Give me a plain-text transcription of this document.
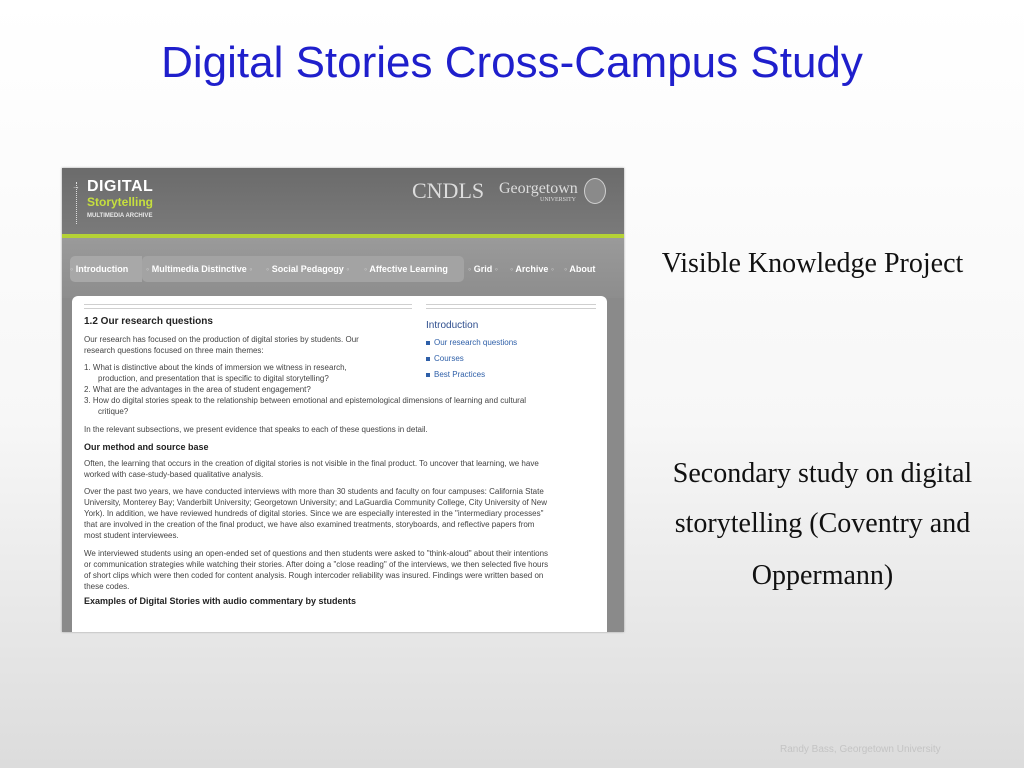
Digital Stories Cross-Campus Study
→ DIGITAL
Storytelling
MULTIMEDIA ARCHIVE
CNDLS Georgetown
UNIVERSITY
◦ Introduction ◦ Multimedia Distinctive ◦ ◦ Social Pedagogy ◦ ◦ Affective Learning ◦ Grid ◦ ◦ Archive ◦ ◦ About
1.2 Our research questions
Our research has focused on the production of digital stories by students. Our
research questions focused on three main themes:
1. What is distinctive about the kinds of immersion we witness in research,
production, and presentation that is specific to digital storytelling?
2. What are the advantages in the area of student engagement?
3. How do digital stories speak to the relationship between emotional and epistemological dimensions of learning and cultural
critique?
In the relevant subsections, we present evidence that speaks to each of these questions in detail.
Our method and source base
Often, the learning that occurs in the creation of digital stories is not visible in the final product. To uncover that learning, we have
worked with case-study-based qualitative analysis.
Over the past two years, we have conducted interviews with more than 30 students and faculty on four campuses: California State
University, Monterey Bay; Vanderbilt University; Georgetown University; and LaGuardia Community College, City University of New
York). In addition, we have reviewed hundreds of digital stories. Since we are especially interested in the "intermediary processes"
that are involved in the creation of the final product, we have also examined treatments, storyboards, and reflective papers from
most student interviewees.
We interviewed students using an open-ended set of questions and then students were asked to "think-aloud" about their intentions
or communication strategies while watching their stories. After doing a "close reading" of the interviews, we then selected five hours
of short clips which were then coded for content analysis. Rough intercoder reliability was insured. Findings were written based on
these codes.
Examples of Digital Stories with audio commentary by students
Introduction
Our research questions
Courses
Best Practices
Visible Knowledge Project
Secondary study on digital
storytelling (Coventry and
Oppermann)
Randy Bass, Georgetown University
